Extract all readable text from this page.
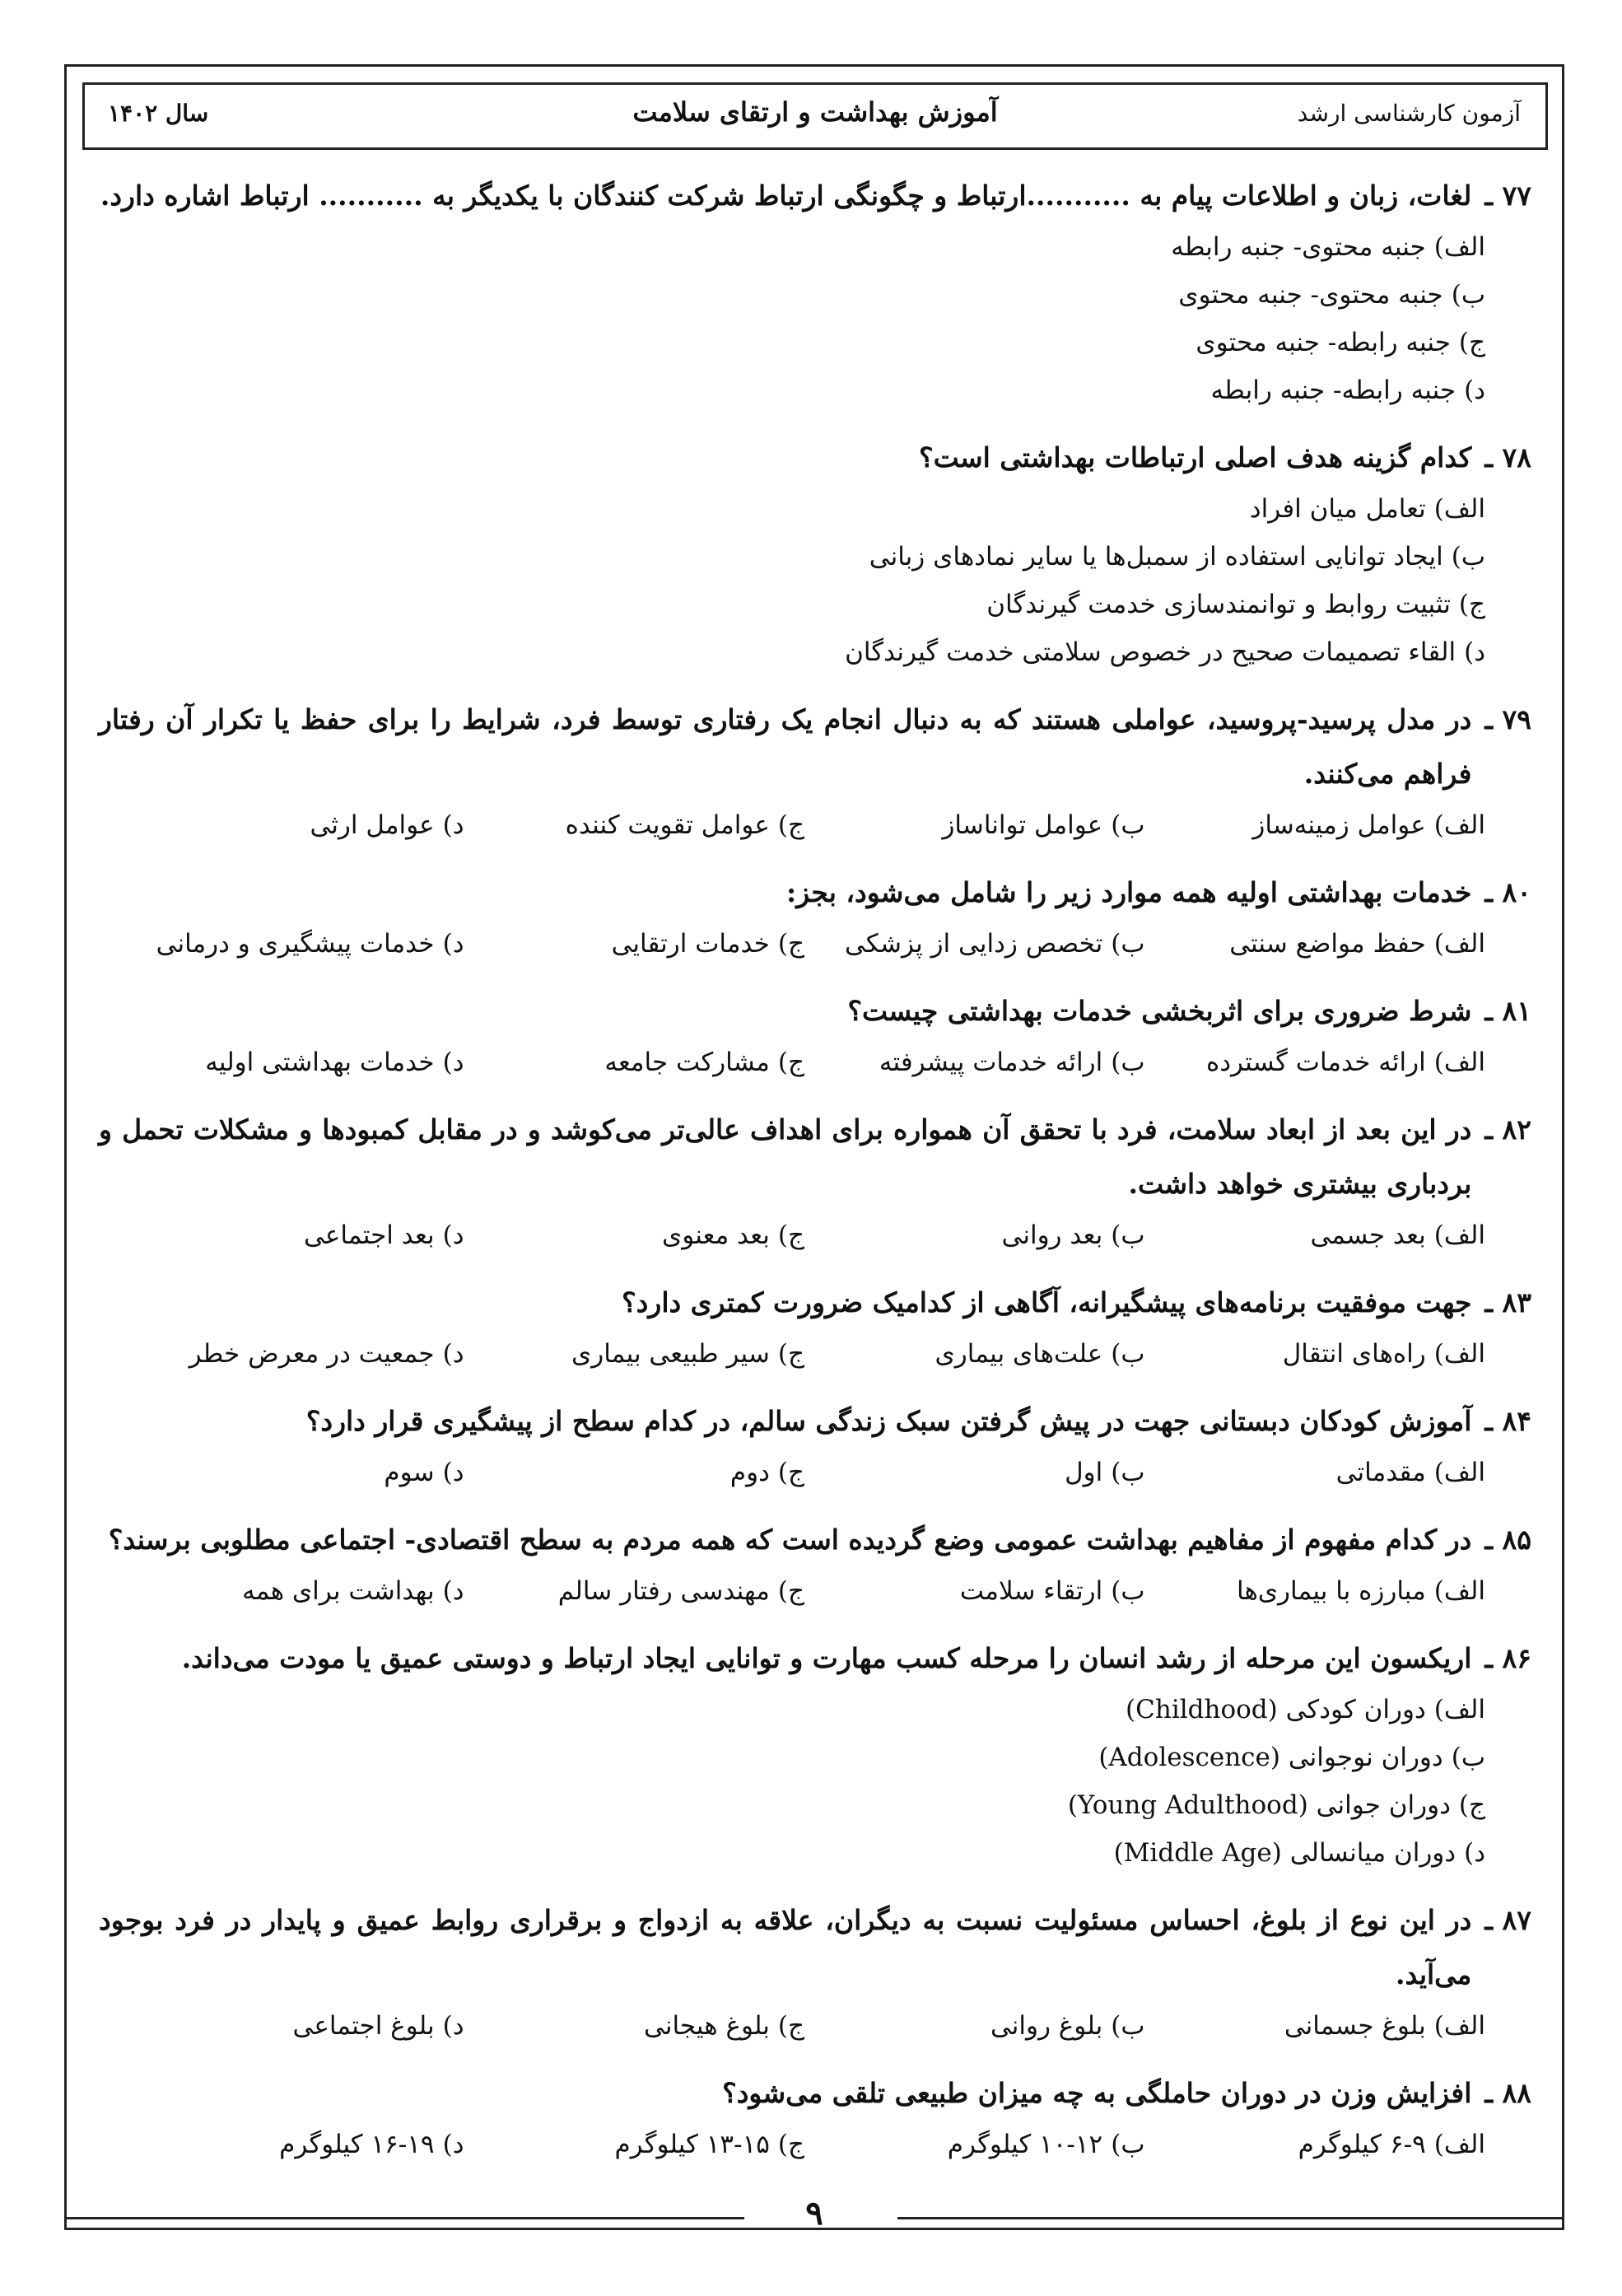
آزمون کارشناسی ارشد
آموزش بهداشت و ارتقای سلامت
سال ۱۴۰۲
۷۷ ـ
لغات، زبان و اطلاعات پیام به ...........ارتباط و چگونگی ارتباط شرکت کنندگان با یکدیگر به ........... ارتباط اشاره دارد.
الف)جنبه محتوی- جنبه رابطه
ب)جنبه محتوی- جنبه محتوی
ج)جنبه رابطه- جنبه محتوی
د)جنبه رابطه- جنبه رابطه
۷۸ ـ
کدام گزینه هدف اصلی ارتباطات بهداشتی است؟
الف)تعامل میان افراد
ب)ایجاد توانایی استفاده از سمبل‌ها یا سایر نمادهای زبانی
ج)تثبیت روابط و توانمندسازی خدمت گیرندگان
د)القاء تصمیمات صحیح در خصوص سلامتی خدمت گیرندگان
۷۹ ـ
در مدل پرسید-پروسید، عواملی هستند که به دنبال انجام یک رفتاری توسط فرد، شرایط را برای حفظ یا تکرار آن رفتار فراهم می‌کنند.
الف)عوامل زمینه‌ساز
ب)عوامل تواناساز
ج)عوامل تقویت کننده
د)عوامل ارثی
۸۰ ـ
خدمات بهداشتی اولیه همه موارد زیر را شامل می‌شود، بجز:
الف)حفظ مواضع سنتی
ب)تخصص زدایی از پزشکی
ج)خدمات ارتقایی
د)خدمات پیشگیری و درمانی
۸۱ ـ
شرط ضروری برای اثربخشی خدمات بهداشتی چیست؟
الف)ارائه خدمات گسترده
ب)ارائه خدمات پیشرفته
ج)مشارکت جامعه
د)خدمات بهداشتی اولیه
۸۲ ـ
در این بعد از ابعاد سلامت، فرد با تحقق آن همواره برای اهداف عالی‌تر می‌کوشد و در مقابل کمبودها و مشکلات تحمل و بردباری بیشتری خواهد داشت.
الف)بعد جسمی
ب)بعد روانی
ج)بعد معنوی
د)بعد اجتماعی
۸۳ ـ
جهت موفقیت برنامه‌های پیشگیرانه، آگاهی از کدامیک ضرورت کمتری دارد؟
الف)راه‌های انتقال
ب)علت‌های بیماری
ج)سیر طبیعی بیماری
د)جمعیت در معرض خطر
۸۴ ـ
آموزش کودکان دبستانی جهت در پیش گرفتن سبک زندگی سالم، در کدام سطح از پیشگیری قرار دارد؟
الف)مقدماتی
ب)اول
ج)دوم
د)سوم
۸۵ ـ
در کدام مفهوم از مفاهیم بهداشت عمومی وضع گردیده است که همه مردم به سطح اقتصادی- اجتماعی مطلوبی برسند؟
الف)مبارزه با بیماری‌ها
ب)ارتقاء سلامت
ج)مهندسی رفتار سالم
د)بهداشت برای همه
۸۶ ـ
اریکسون این مرحله از رشد انسان را مرحله کسب مهارت و توانایی ایجاد ارتباط و دوستی عمیق یا مودت می‌داند.
الف)دوران کودکی (Childhood)
ب)دوران نوجوانی (Adolescence)
ج)دوران جوانی (Young Adulthood)
د)دوران میانسالی (Middle Age)
۸۷ ـ
در این نوع از بلوغ، احساس مسئولیت نسبت به دیگران، علاقه به ازدواج و برقراری روابط عمیق و پایدار در فرد بوجود می‌آید.
الف)بلوغ جسمانی
ب)بلوغ روانی
ج)بلوغ هیجانی
د)بلوغ اجتماعی
۸۸ ـ
افزایش وزن در دوران حاملگی به چه میزان طبیعی تلقی می‌شود؟
الف)۹-۶ کیلوگرم
ب)۱۲-۱۰ کیلوگرم
ج)۱۵-۱۳ کیلوگرم
د)۱۹-۱۶ کیلوگرم
۹
